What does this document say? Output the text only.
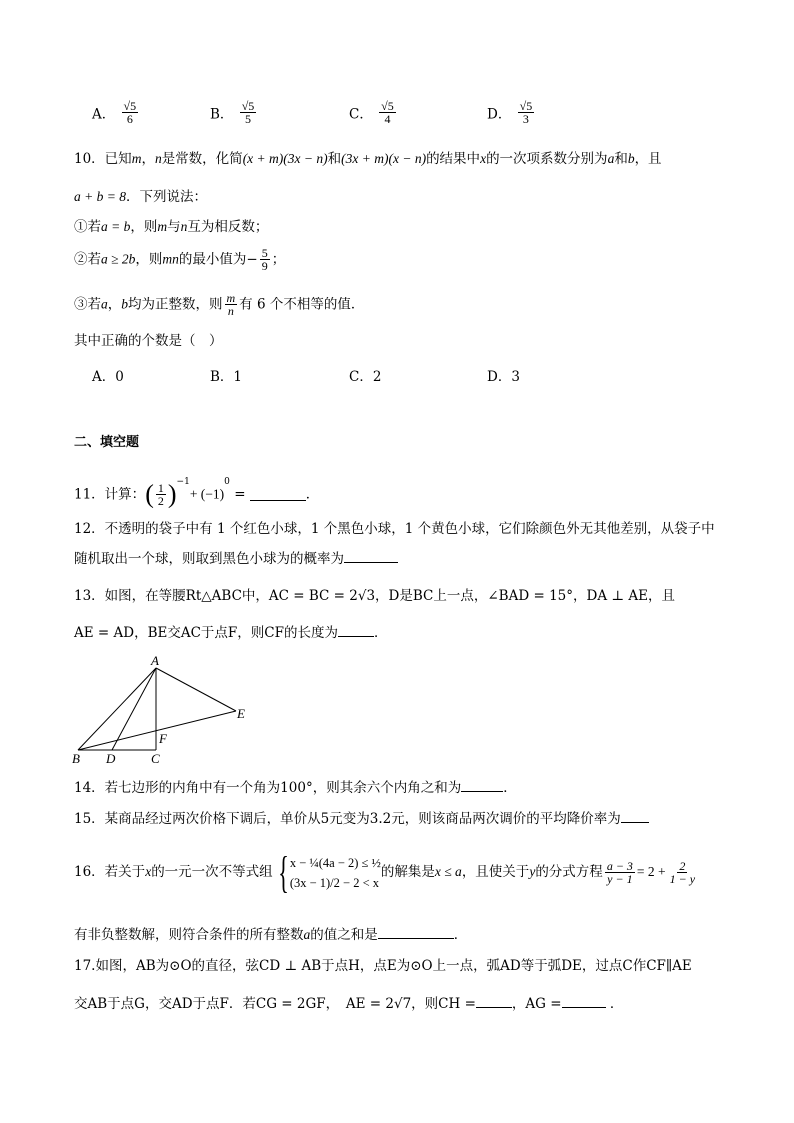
A． $\frac{√5}{6}$	B． $\frac{√5}{5}$	C． $\frac{√5}{4}$	D． $\frac{√5}{3}$
10．已知m，n是常数，化简(x + m)(3x − n)和(3x + m)(x − n)的结果中x的一次项系数分别为a和b，且
a + b = 8．下列说法：
①若a = b，则m与n互为相反数；
②若a ≥ 2b，则mn的最小值为− $\frac{5}{9}$ ；
③若a，b均为正整数，则 $\frac{m}{n}$ 有 6 个不相等的值．
其中正确的个数是（　）
A．0	B．1	C．2	D．3
二、填空题
11．计算：( $\frac{1}{2} )^{-1}+ (-1)^0$ =	．
12．不透明的袋子中有 1 个红色小球，1 个黑色小球，1 个黄色小球，它们除颜色外无其他差别，从袋子中
随机取出一个球，则取到黑色小球为的概率为
13．如图，在等腰Rt△ABC中，AC = BC = 2√3，D是BC上一点，∠BAD = 15°，DA ⊥ AE，且
AE = AD，BE交AC于点F，则CF的长度为	．
A
B	C
D
E
F
14．若七边形的内角中有一个角为100°，则其余六个内角之和为	．
15．某商品经过两次价格下调后，单价从5元变为3.2元，则该商品两次调价的平均降价率为
16．若关于x的一元一次不等式组 { x − ¼(4a − 2) ≤ ½
(3x − 1)/2 − 2 < x
的解集是x ≤ a，且使关于y的分式方程 $\frac{a - 3}{y - 1} = 2 + \frac{2}{1 - y}$
有非负整数解，则符合条件的所有整数a的值之和是	．
17.如图，AB为⊙O的直径，弦CD ⊥ AB于点H，点E为⊙O上一点，弧AD等于弧DE，过点C作CF∥AE
交AB于点G，交AD于点F．若CG = 2GF，　AE = 2√7，则CH =	，AG =	．
